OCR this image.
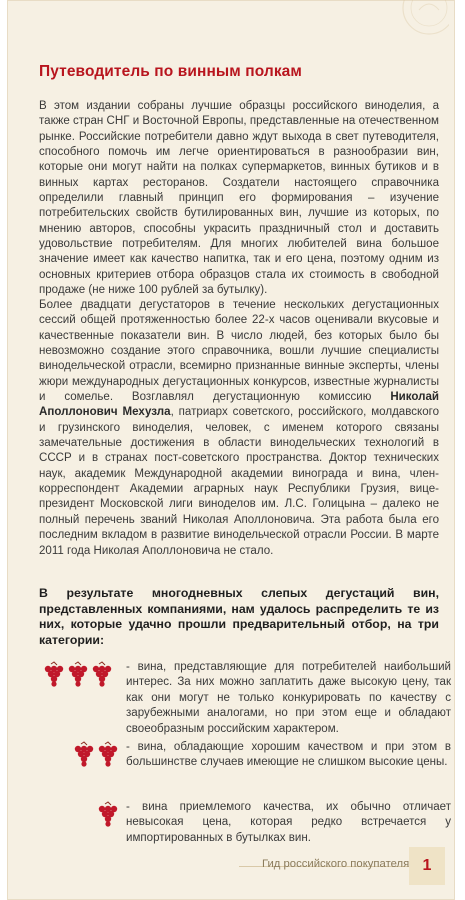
Путеводитель по винным полкам
В этом издании собраны лучшие образцы российского виноделия, а также стран СНГ и Восточной Европы, представленные на отечественном рынке. Российские потребители давно ждут выхода в свет путеводителя, способного помочь им легче ориентироваться в разнообразии вин, которые они могут найти на полках супермаркетов, винных бутиков и в винных картах ресторанов. Создатели настоящего справочника определили главный принцип его формирования – изучение потребительских свойств бутилированных вин, лучшие из которых, по мнению авторов, способны украсить праздничный стол и доставить удовольствие потребителям. Для многих любителей вина большое значение имеет как качество напитка, так и его цена, поэтому одним из основных критериев отбора образцов стала их стоимость в свободной продаже (не ниже 100 рублей за бутылку).
Более двадцати дегустаторов в течение нескольких дегустационных сессий общей протяженностью более 22-х часов оценивали вкусовые и качественные показатели вин. В число людей, без которых было бы невозможно создание этого справочника, вошли лучшие специалисты винодельческой отрасли, всемирно признанные винные эксперты, члены жюри международных дегустационных конкурсов, известные журналисты и сомелье. Возглавлял дегустационную комиссию Николай Аполлонович Мехузла, патриарх советского, российского, молдавского и грузинского виноделия, человек, с именем которого связаны замечательные достижения в области винодельческих технологий в СССР и в странах пост-советского пространства. Доктор технических наук, академик Международной академии винограда и вина, член-корреспондент Академии аграрных наук Республики Грузия, вице-президент Московской лиги виноделов им. Л.С. Голицына – далеко не полный перечень званий Николая Аполлоновича. Эта работа была его последним вкладом в развитие винодельческой отрасли России. В марте 2011 года Николая Аполлоновича не стало.
В результате многодневных слепых дегустаций вин, представленных компаниями, нам удалось распределить те из них, которые удачно прошли предварительный отбор, на три категории:
- вина, представляющие для потребителей наибольший интерес. За них можно заплатить даже высокую цену, так как они могут не только конкурировать по качеству с зарубежными аналогами, но при этом еще и обладают своеобразным российским характером.
- вина, обладающие хорошим качеством и при этом в большинстве случаев имеющие не слишком высокие цены.
- вина приемлемого качества, их обычно отличает невысокая цена, которая редко встречается у импортированных в бутылках вин.
Гид российского покупателя 1
